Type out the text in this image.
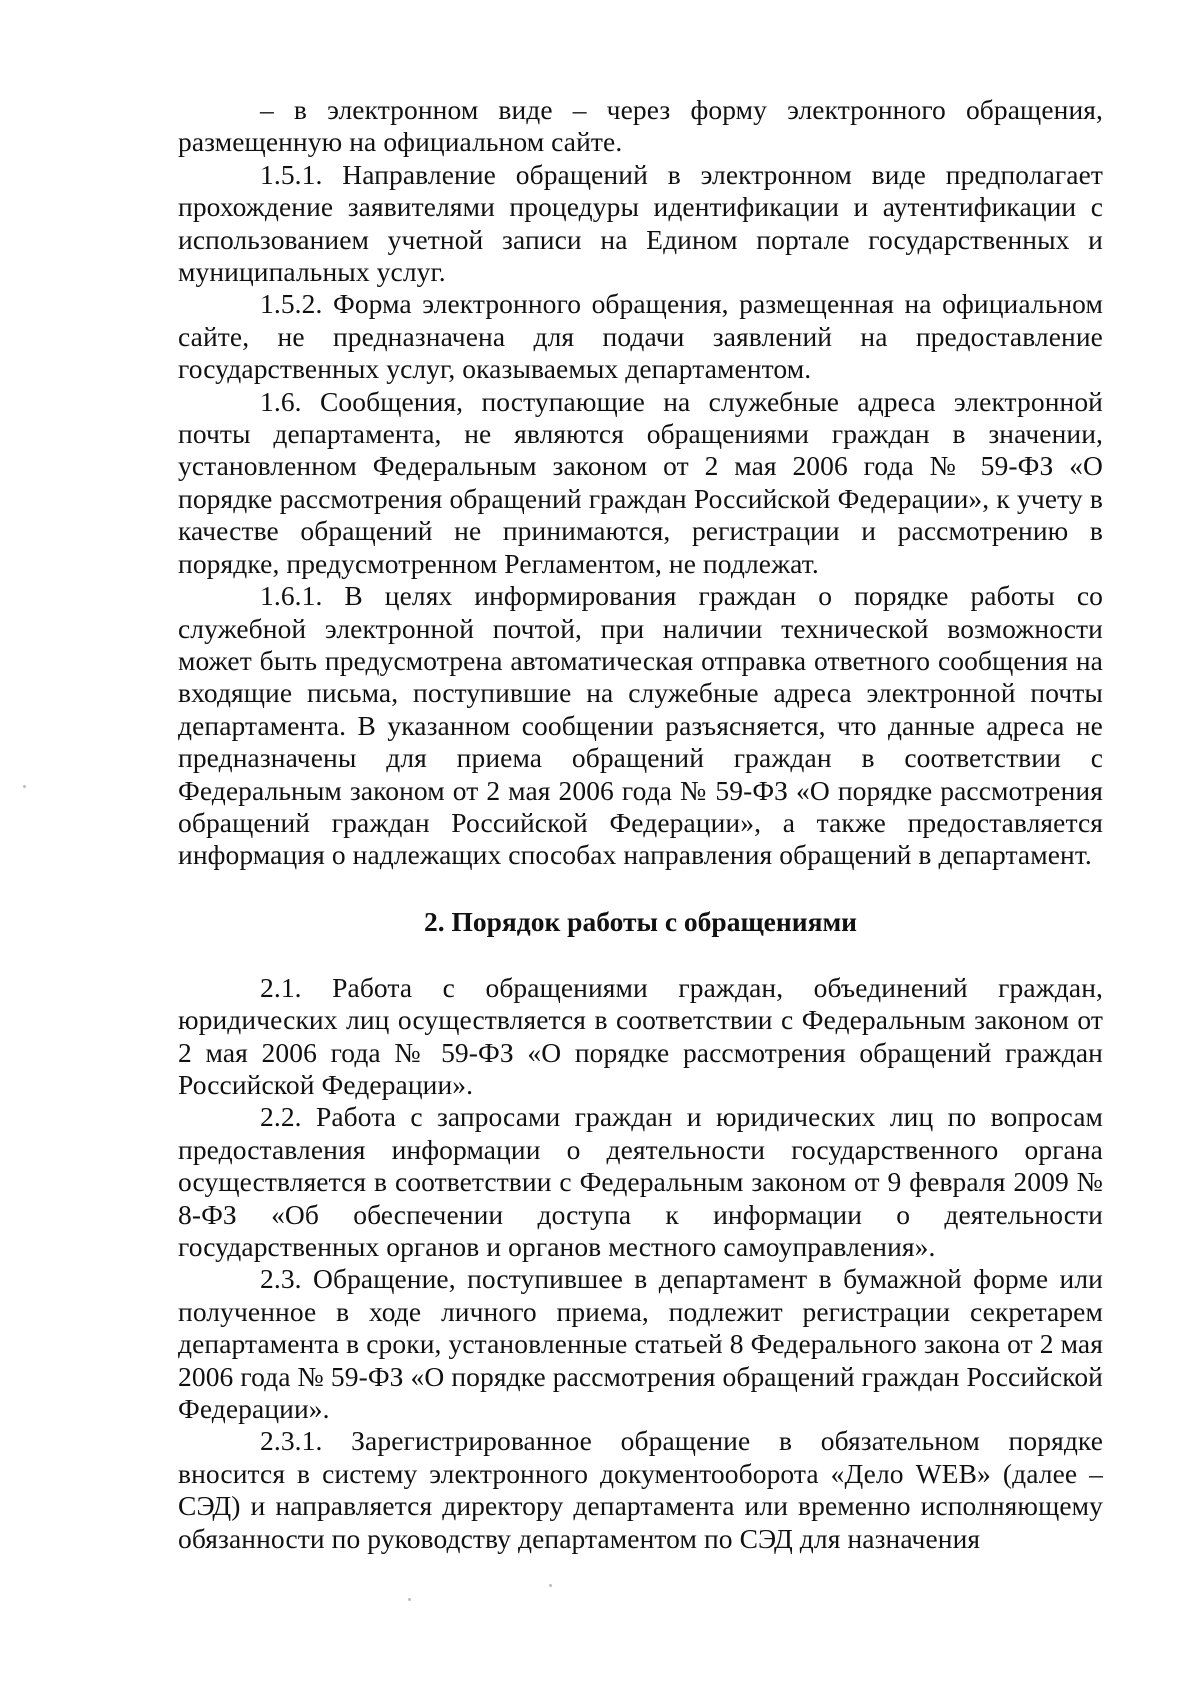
– в электронном виде – через форму электронного обращения, размещенную на официальном сайте.

1.5.1. Направление обращений в электронном виде предполагает прохождение заявителями процедуры идентификации и аутентификации с использованием учетной записи на Едином портале государственных и муниципальных услуг.

1.5.2. Форма электронного обращения, размещенная на официальном сайте, не предназначена для подачи заявлений на предоставление государственных услуг, оказываемых департаментом.

1.6. Сообщения, поступающие на служебные адреса электронной почты департамента, не являются обращениями граждан в значении, установленном Федеральным законом от 2 мая 2006 года № 59-ФЗ «О порядке рассмотрения обращений граждан Российской Федерации», к учету в качестве обращений не принимаются, регистрации и рассмотрению в порядке, предусмотренном Регламентом, не подлежат.

1.6.1. В целях информирования граждан о порядке работы со служебной электронной почтой, при наличии технической возможности может быть предусмотрена автоматическая отправка ответного сообщения на входящие письма, поступившие на служебные адреса электронной почты департамента. В указанном сообщении разъясняется, что данные адреса не предназначены для приема обращений граждан в соответствии с Федеральным законом от 2 мая 2006 года № 59-ФЗ «О порядке рассмотрения обращений граждан Российской Федерации», а также предоставляется информация о надлежащих способах направления обращений в департамент.

2. Порядок работы с обращениями

2.1. Работа с обращениями граждан, объединений граждан, юридических лиц осуществляется в соответствии с Федеральным законом от 2 мая 2006 года № 59-ФЗ «О порядке рассмотрения обращений граждан Российской Федерации».

2.2. Работа с запросами граждан и юридических лиц по вопросам предоставления информации о деятельности государственного органа осуществляется в соответствии с Федеральным законом от 9 февраля 2009 № 8-ФЗ «Об обеспечении доступа к информации о деятельности государственных органов и органов местного самоуправления».

2.3. Обращение, поступившее в департамент в бумажной форме или полученное в ходе личного приема, подлежит регистрации секретарем департамента в сроки, установленные статьей 8 Федерального закона от 2 мая 2006 года № 59-ФЗ «О порядке рассмотрения обращений граждан Российской Федерации».

2.3.1. Зарегистрированное обращение в обязательном порядке вносится в систему электронного документооборота «Дело WEB» (далее – СЭД) и направляется директору департамента или временно исполняющему обязанности по руководству департаментом по СЭД для назначения
